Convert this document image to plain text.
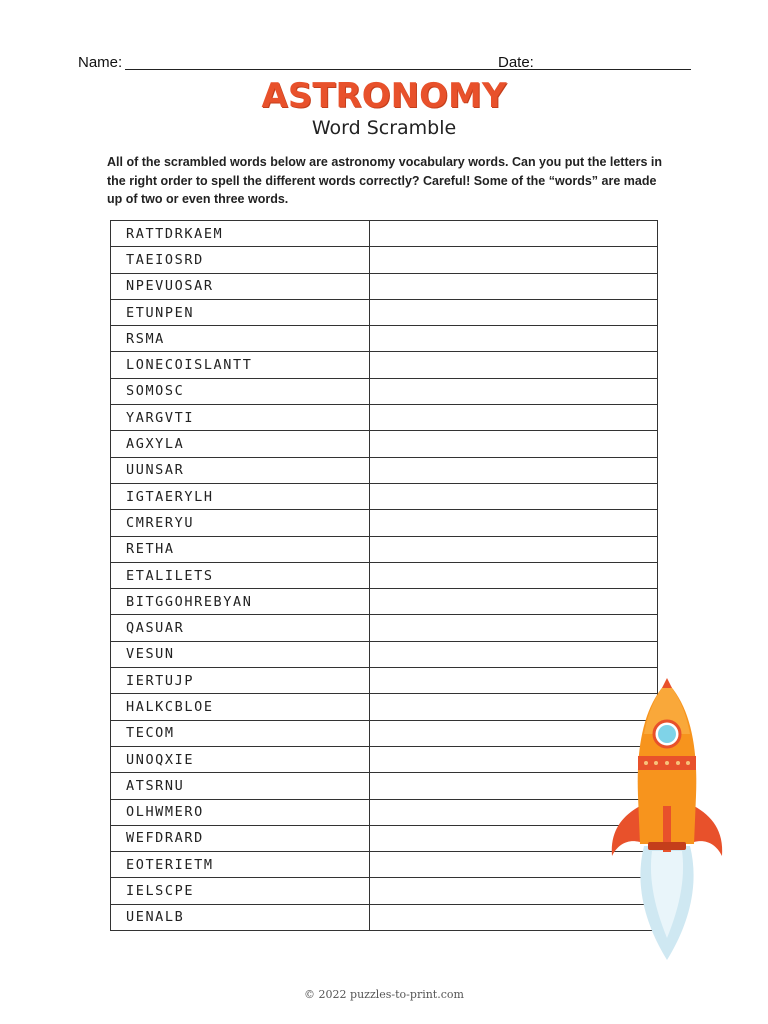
Name:	Date:
ASTRONOMY
Word Scramble
All of the scrambled words below are astronomy vocabulary words. Can you put the letters in the right order to spell the different words correctly? Careful! Some of the “words” are made up of two or even three words.
RATTDRKAEM	
TAEIOSRD	
NPEVUOSAR	
ETUNPEN	
RSMA	
LONECOISLANTT	
SOMOSC	
YARGVTI	
AGXYLA	
UUNSAR	
IGTAERYLH	
CMRERYU	
RETHA	
ETALILETS	
BITGGOHREBYAN	
QASUAR	
VESUN	
IERTUJP	
HALKCBLOE	
TECOM	
UNOQXIE	
ATSRNU	
OLHWMERO	
WEFDRARD	
EOTERIETM	
IELSCPE	
UENALB	
© 2022 puzzles-to-print.com
